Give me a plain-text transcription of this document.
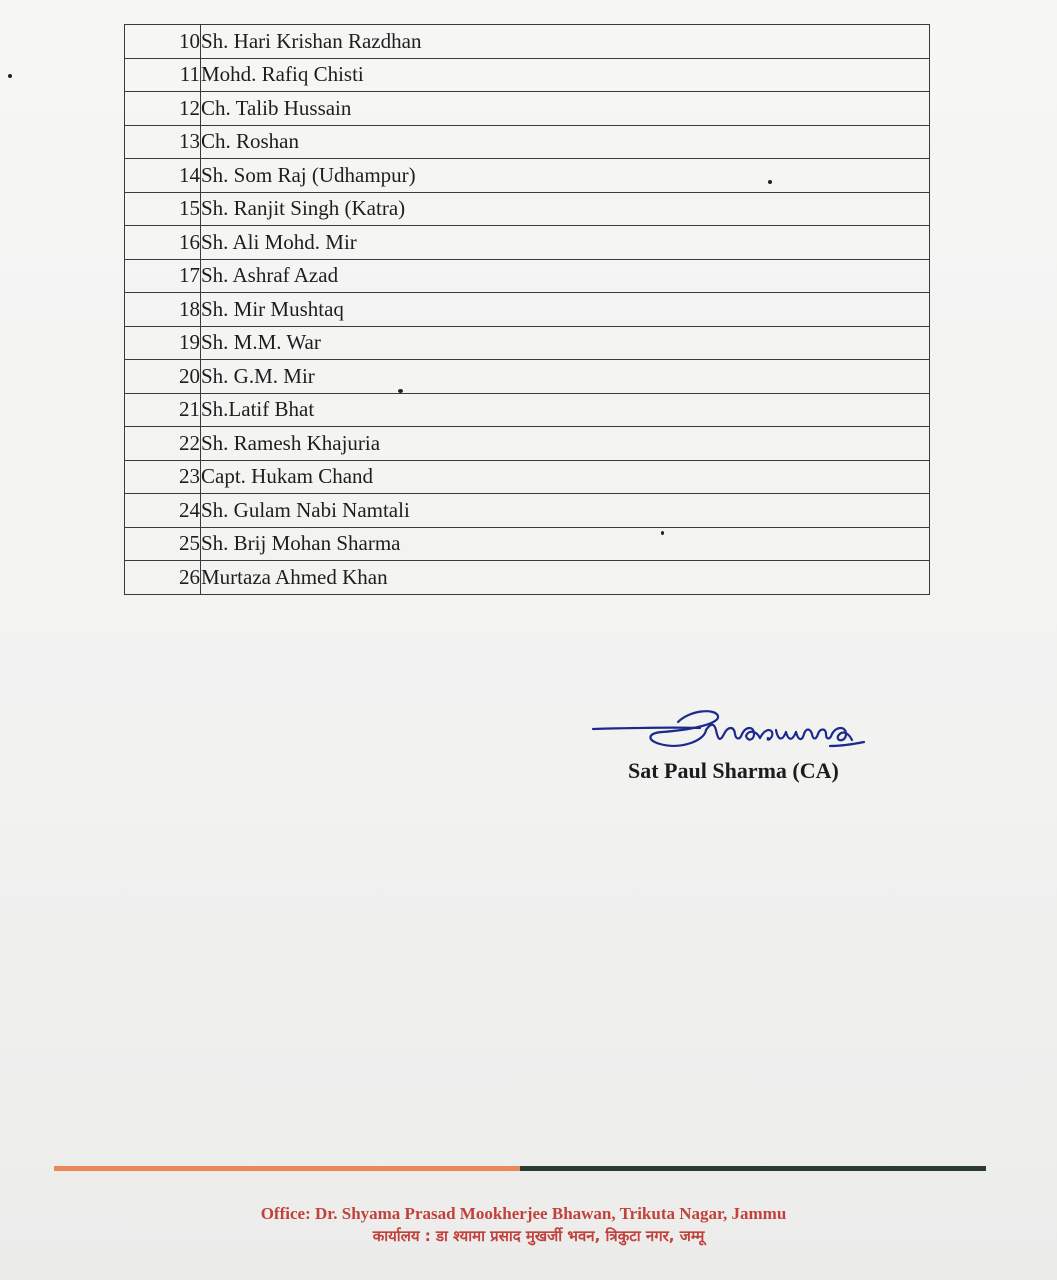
10	Sh. Hari Krishan Razdhan
11	Mohd. Rafiq Chisti
12	Ch. Talib Hussain
13	Ch. Roshan
14	Sh. Som Raj (Udhampur)
15	Sh. Ranjit Singh (Katra)
16	Sh. Ali Mohd. Mir
17	Sh. Ashraf Azad
18	Sh. Mir Mushtaq
19	Sh. M.M. War
20	Sh. G.M. Mir
21	Sh.Latif Bhat
22	Sh. Ramesh Khajuria
23	Capt. Hukam Chand
24	Sh. Gulam Nabi Namtali
25	Sh. Brij Mohan Sharma
26	Murtaza Ahmed Khan
Sat Paul Sharma (CA)
Office: Dr. Shyama Prasad Mookherjee Bhawan, Trikuta Nagar, Jammu
कार्यालय : डा श्यामा प्रसाद मुखर्जी भवन, त्रिकुटा नगर, जम्मू
